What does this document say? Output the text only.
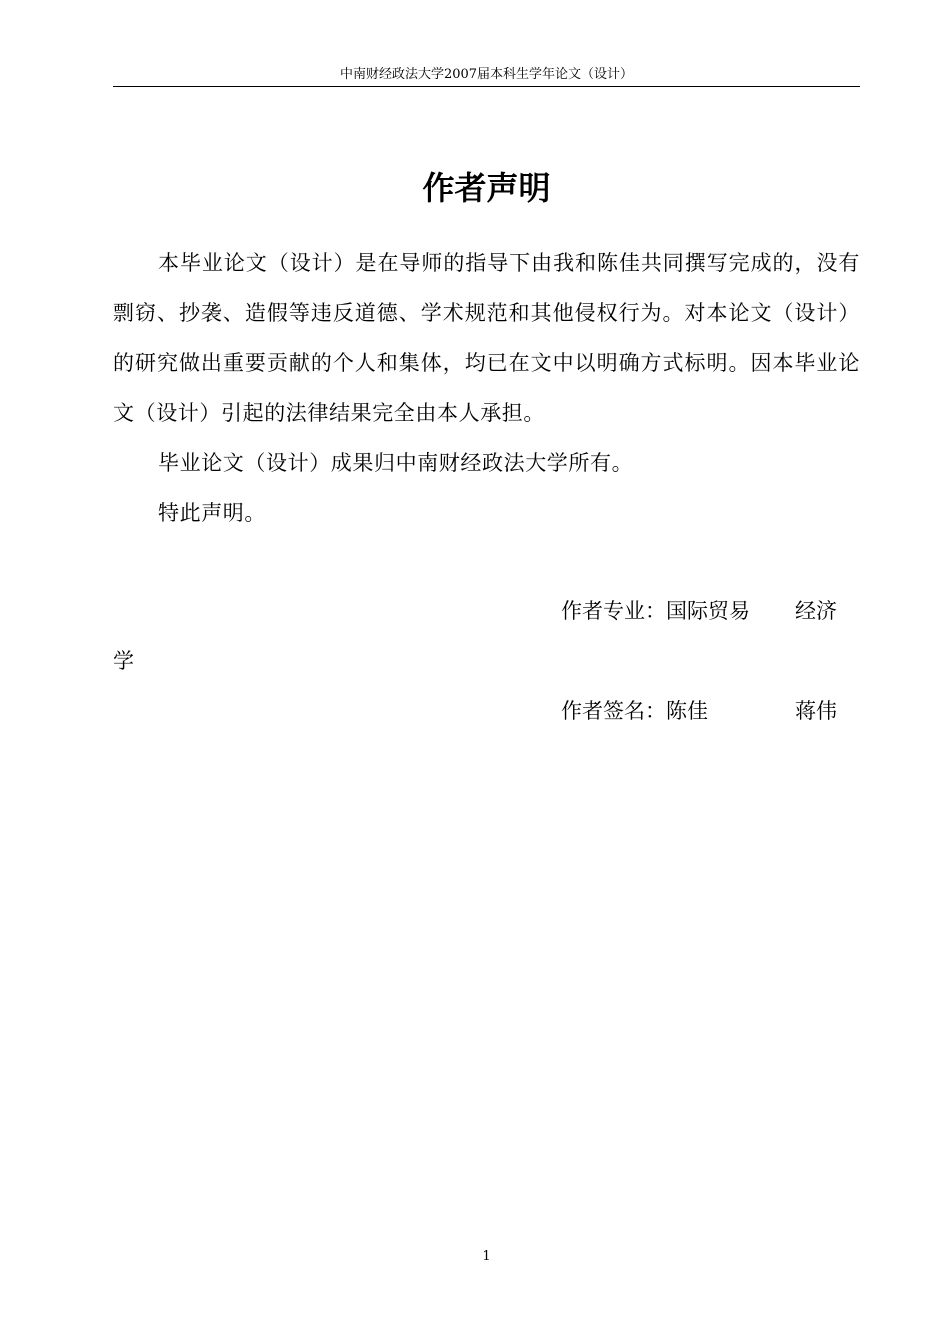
中南财经政法大学2007届本科生学年论文（设计）
作者声明
本毕业论文（设计）是在导师的指导下由我和陈佳共同撰写完成的，没有剽窃、抄袭、造假等违反道德、学术规范和其他侵权行为。对本论文（设计）的研究做出重要贡献的个人和集体，均已在文中以明确方式标明。因本毕业论文（设计）引起的法律结果完全由本人承担。
毕业论文（设计）成果归中南财经政法大学所有。
特此声明。
作者专业：国际贸易 经济
学
作者签名：陈佳	蒋伟
1
